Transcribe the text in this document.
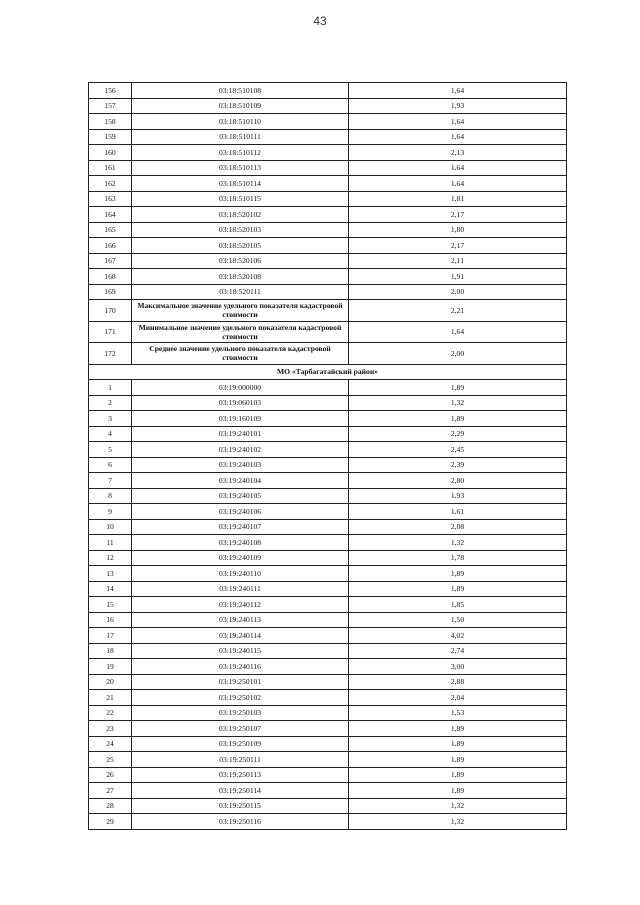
43
156	03:18:510108	1,64
157	03:18:510109	1,93
158	03:18:510110	1,64
159	03:18:510111	1,64
160	03:18:510112	2,13
161	03:18:510113	1,64
162	03:18:510114	1,64
163	03:18:510115	1,81
164	03:18:520102	2,17
165	03:18:520103	1,80
166	03:18:520105	2,17
167	03:18:520106	2,11
168	03:18:520108	1,91
169	03:18:520111	2,00
170	Максимальное значение удельного показателя кадастровой стоимости	2,21
171	Минимальное значение удельного показателя кадастровой стоимости	1,64
172	Среднее значение удельного показателя кадастровой стоимости	2,00
МО «Тарбагатайский район»		
1	03:19:000000	1,89
2	03:19:060103	1,32
3	03:19:160109	1,89
4	03:19:240101	2,29
5	03:19:240102	2,45
6	03:19:240103	2,39
7	03:19:240104	2,80
8	03:19:240105	1,93
9	03:19:240106	1,61
10	03:19:240107	2,08
11	03:19:240108	1,32
12	03:19:240109	1,78
13	03:19:240110	1,89
14	03:19:240111	1,89
15	03:19:240112	1,85
16	03:19:240113	1,50
17	03:19:240114	4,02
18	03:19:240115	2,74
19	03:19:240116	3,00
20	03:19:250101	2,88
21	03:19:250102	2,04
22	03:19:250103	1,53
23	03:19:250107	1,89
24	03:19:250109	1,89
25	03:19:250111	1,89
26	03:19:250113	1,89
27	03:19:250114	1,89
28	03:19:250115	1,32
29	03:19:250116	1,32
